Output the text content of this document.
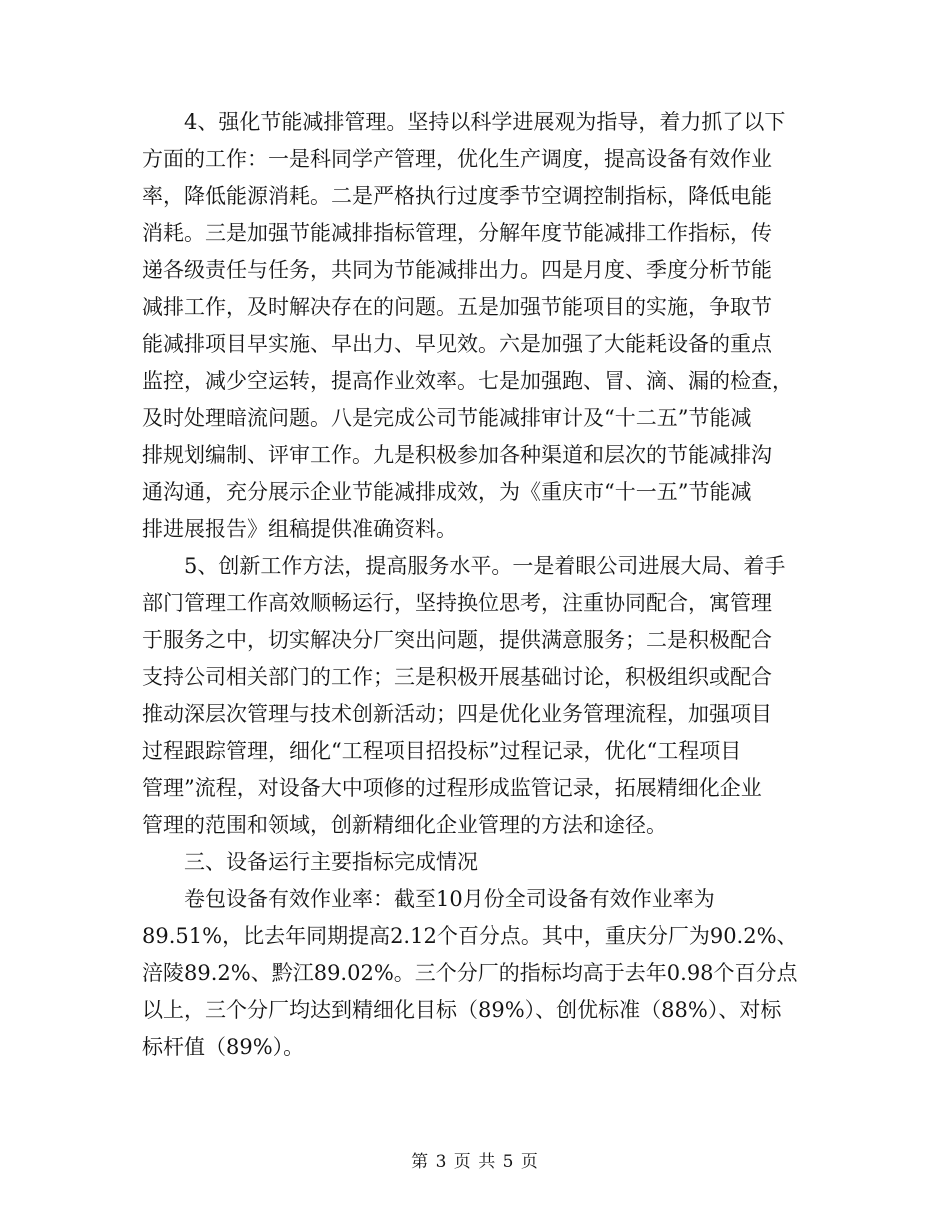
　　4、强化节能减排管理。坚持以科学进展观为指导，着力抓了以下
方面的工作：一是科同学产管理，优化生产调度，提高设备有效作业
率，降低能源消耗。二是严格执行过度季节空调控制指标，降低电能
消耗。三是加强节能减排指标管理，分解年度节能减排工作指标，传
递各级责任与任务，共同为节能减排出力。四是月度、季度分析节能
减排工作，及时解决存在的问题。五是加强节能项目的实施，争取节
能减排项目早实施、早出力、早见效。六是加强了大能耗设备的重点
监控，减少空运转，提高作业效率。七是加强跑、冒、滴、漏的检查，
及时处理暗流问题。八是完成公司节能减排审计及“十二五”节能减
排规划编制、评审工作。九是积极参加各种渠道和层次的节能减排沟
通沟通，充分展示企业节能减排成效，为《重庆市“十一五”节能减
排进展报告》组稿提供准确资料。
　　5、创新工作方法，提高服务水平。一是着眼公司进展大局、着手
部门管理工作高效顺畅运行，坚持换位思考，注重协同配合，寓管理
于服务之中，切实解决分厂突出问题，提供满意服务；二是积极配合
支持公司相关部门的工作；三是积极开展基础讨论，积极组织或配合
推动深层次管理与技术创新活动；四是优化业务管理流程，加强项目
过程跟踪管理，细化“工程项目招投标”过程记录，优化“工程项目
管理”流程，对设备大中项修的过程形成监管记录，拓展精细化企业
管理的范围和领域，创新精细化企业管理的方法和途径。
　　三、设备运行主要指标完成情况
　　卷包设备有效作业率：截至10月份全司设备有效作业率为
89.51%，比去年同期提高2.12个百分点。其中，重庆分厂为90.2%、
涪陵89.2%、黔江89.02%。三个分厂的指标均高于去年0.98个百分点
以上，三个分厂均达到精细化目标（89%）、创优标准（88%）、对标
标杆值（89%）。
第 3 页 共 5 页
